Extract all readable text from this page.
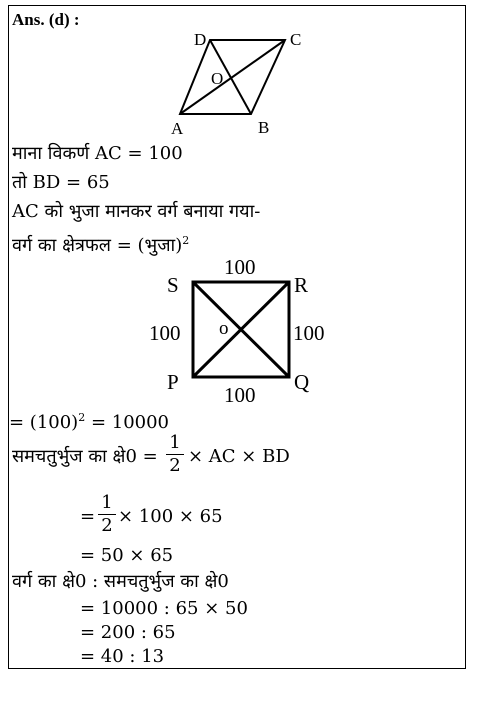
Ans. (d) :
D	C
O
A	B
माना विकर्ण AC = 100
तो BD = 65
AC को भुजा मानकर वर्ग बनाया गया-
वर्ग का क्षेत्रफल = (भुजा)$^2$
S	R
P	Q
o
100
100
100	100
= $(100)^2 = 10000$
समचतुर्भुज का क्षे0 =
1
2 × AC × BD
=
1
2 × 100 × 65
= 50 × 65
वर्ग का क्षे0 : समचतुर्भुज का क्षे0
= 10000 : 65 × 50
= 200 : 65
= 40 : 13
